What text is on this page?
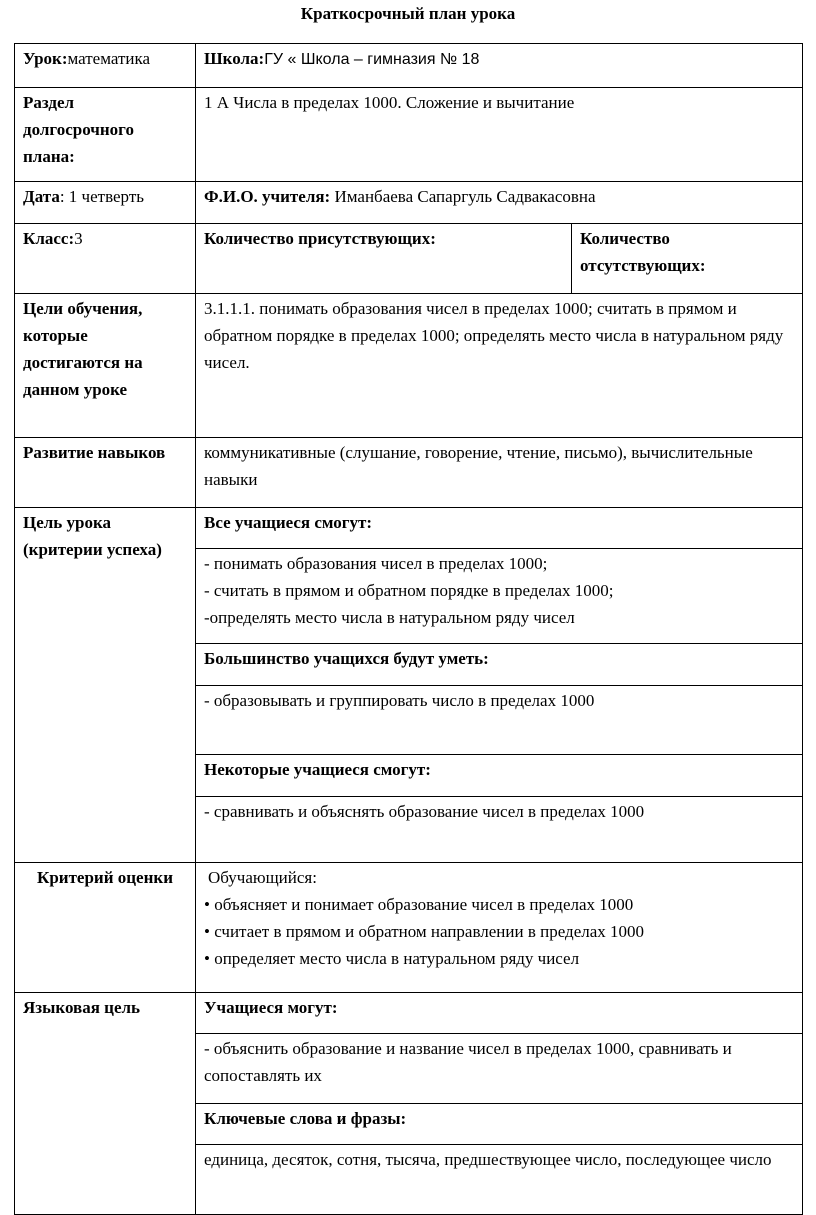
Краткосрочный план урока
Урок:математика	Школа:ГУ « Школа – гимназия № 18	
Раздел долгосрочного плана:	1 А Числа в пределах 1000. Сложение и вычитание	
Дата: 1 четверть	Ф.И.О. учителя: Иманбаева Сапаргуль Садвакасовна	
Класс:3	Количество присутствующих:	Количество отсутствующих:
Цели обучения, которые достигаются на данном уроке	3.1.1.1. понимать образования чисел в пределах 1000; считать в прямом и обратном порядке в пределах 1000; определять место числа в натуральном ряду чисел.	
Развитие навыков	коммуникативные (слушание, говорение, чтение, письмо), вычислительные навыки	
Цель урока (критерии успеха)	Все учащиеся смогут:	

	- понимать образования чисел в пределах 1000;
- считать в прямом и обратном порядке в пределах 1000;
-определять место числа в натуральном ряду чисел	

	Большинство учащихся будут уметь:	

	- образовывать и группировать число в пределах 1000	

	Некоторые учащиеся смогут:	

	- сравнивать и объяснять образование чисел в пределах 1000	

Критерий оценки	Обучающийся:
• объясняет и понимает образование чисел в пределах 1000
• считает в прямом и обратном направлении в пределах 1000
• определяет место числа в натуральном ряду чисел	

Языковая цель	Учащиеся могут:	

	- объяснить образование и название чисел в пределах 1000, сравнивать и сопоставлять их	

	Ключевые слова и фразы:	

	единица, десяток, сотня, тысяча, предшествующее число, последующее число	
